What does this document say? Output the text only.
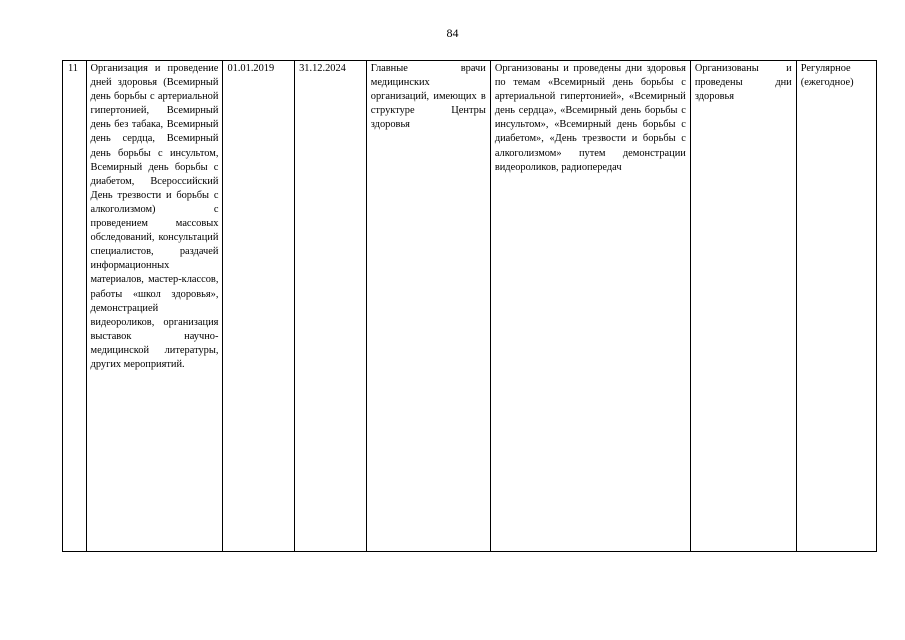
84
11	Организация и проведение дней здоровья (Всемирный день борьбы с артериальной гипертонией, Всемирный день без табака, Всемирный день сердца, Всемирный день борьбы с инсультом, Всемирный день борьбы с диабетом, Всероссийский День трезвости и борьбы с алкоголизмом) с проведением массовых обследований, консультаций специалистов, раздачей информационных материалов, мастер-классов, работы «школ здоровья», демонстрацией видеороликов, организация выставок научно-медицинской литературы, других мероприятий.	01.01.2019	31.12.2024	Главные врачи медицинских организаций, имеющих в структуре Центры здоровья	Организованы и проведены дни здоровья по темам «Всемирный день борьбы с артериальной гипертонией», «Всемирный день сердца», «Всемирный день борьбы с инсультом», «Всемирный день борьбы с диабетом», «День трезвости и борьбы с алкоголизмом» путем демонстрации видеороликов, радиопередач	Организованы и проведены дни здоровья	Регулярное (ежегодное)
